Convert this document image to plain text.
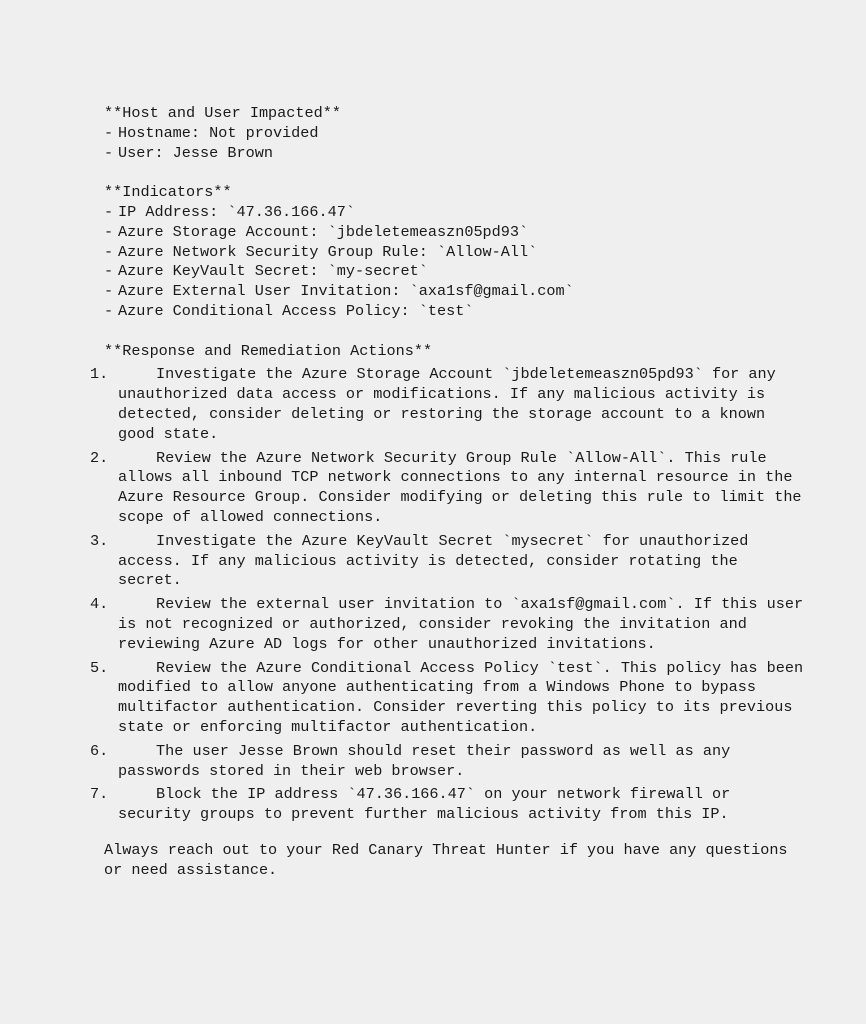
**Host and User Impacted**
- Hostname: Not provided
- User: Jesse Brown
**Indicators**
- IP Address: `47.36.166.47`
- Azure Storage Account: `jbdeletemeaszn05pd93`
- Azure Network Security Group Rule: `Allow-All`
- Azure KeyVault Secret: `my-secret`
- Azure External User Invitation: `axa1sf@gmail.com`
- Azure Conditional Access Policy: `test`
**Response and Remediation Actions**
1.	Investigate the Azure Storage Account `jbdeletemeaszn05pd93` for any unauthorized data access or modifications. If any malicious activity is detected, consider deleting or restoring the storage account to a known good state.
2.	Review the Azure Network Security Group Rule `Allow-All`. This rule allows all inbound TCP network connections to any internal resource in the Azure Resource Group. Consider modifying or deleting this rule to limit the scope of allowed connections.
3.	Investigate the Azure KeyVault Secret `mysecret` for unauthorized access. If any malicious activity is detected, consider rotating the secret.
4.	Review the external user invitation to `axa1sf@gmail.com`. If this user is not recognized or authorized, consider revoking the invitation and reviewing Azure AD logs for other unauthorized invitations.
5.	Review the Azure Conditional Access Policy `test`. This policy has been modified to allow anyone authenticating from a Windows Phone to bypass multifactor authentication. Consider reverting this policy to its previous state or enforcing multifactor authentication.
6.	The user Jesse Brown should reset their password as well as any passwords stored in their web browser.
7.	Block the IP address `47.36.166.47` on your network firewall or security groups to prevent further malicious activity from this IP.
Always reach out to your Red Canary Threat Hunter if you have any questions or need assistance.
